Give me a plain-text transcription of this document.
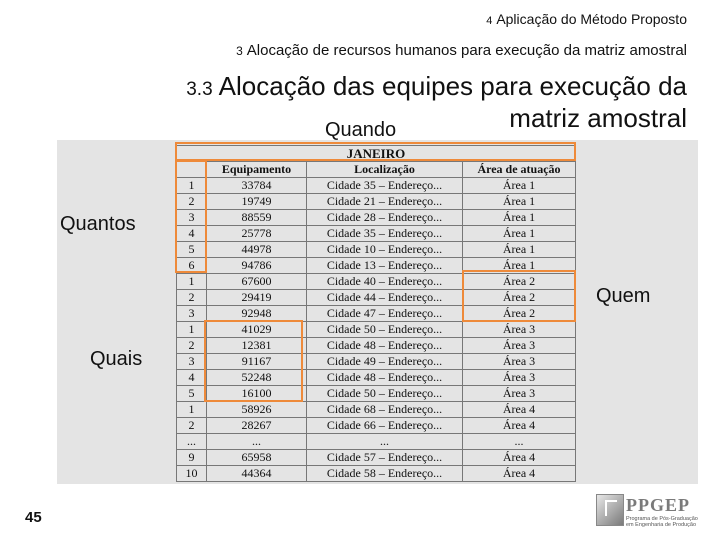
4 Aplicação do Método Proposto
3 Alocação de recursos humanos para execução da matriz amostral
3.3 Alocação das equipes para execução da matriz amostral
JANEIRO			
	Equipamento	Localização	Área de atuação
1	33784	Cidade 35 – Endereço...	Área 1
2	19749	Cidade 21 – Endereço...	Área 1
3	88559	Cidade 28 – Endereço...	Área 1
4	25778	Cidade 35 – Endereço...	Área 1
5	44978	Cidade 10 – Endereço...	Área 1
6	94786	Cidade 13 – Endereço...	Área 1
1	67600	Cidade 40 – Endereço...	Área 2
2	29419	Cidade 44 – Endereço...	Área 2
3	92948	Cidade 47 – Endereço...	Área 2
1	41029	Cidade 50 – Endereço...	Área 3
2	12381	Cidade 48 – Endereço...	Área 3
3	91167	Cidade 49 – Endereço...	Área 3
4	52248	Cidade 48 – Endereço...	Área 3
5	16100	Cidade 50 – Endereço...	Área 3
1	58926	Cidade 68 – Endereço...	Área 4
2	28267	Cidade 66 – Endereço...	Área 4
...	...	...	...
9	65958	Cidade 57 – Endereço...	Área 4
10	44364	Cidade 58 – Endereço...	Área 4
Quando
Quantos
Quem
Quais
45
PPGEP
Programa de Pós-Graduação em Engenharia de Produção
